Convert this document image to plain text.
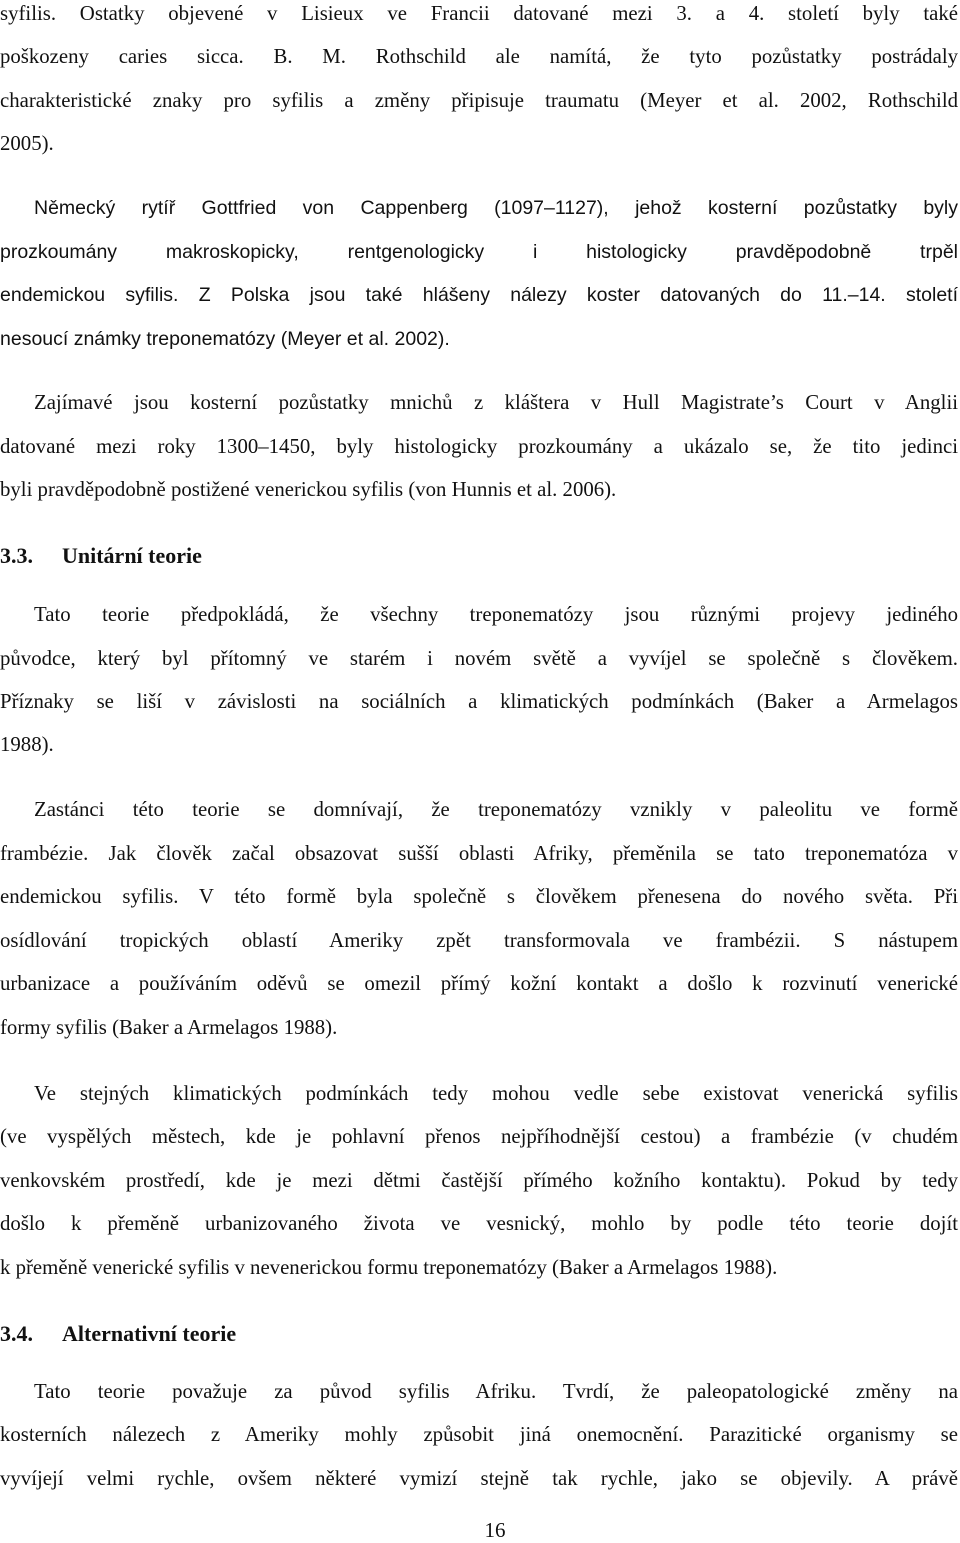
syfilis. Ostatky objevené v Lisieux ve Francii datované mezi 3. a 4. století byly také
poškozeny caries sicca. B. M. Rothschild ale namítá, že tyto pozůstatky postrádaly
charakteristické znaky pro syfilis a změny připisuje traumatu (Meyer et al. 2002, Rothschild
2005).
Německý rytíř Gottfried von Cappenberg (1097–1127), jehož kosterní pozůstatky byly
prozkoumány makroskopicky, rentgenologicky i histologicky pravděpodobně trpěl
endemickou syfilis. Z Polska jsou také hlášeny nálezy koster datovaných do 11.–14. století
nesoucí známky treponematózy (Meyer et al. 2002).
Zajímavé jsou kosterní pozůstatky mnichů z kláštera v Hull Magistrate’s Court v Anglii
datované mezi roky 1300–1450, byly histologicky prozkoumány a ukázalo se, že tito jedinci
byli pravděpodobně postižené venerickou syfilis (von Hunnis et al. 2006).
3.3. Unitární teorie
Tato teorie předpokládá, že všechny treponematózy jsou různými projevy jediného
původce, který byl přítomný ve starém i novém světě a vyvíjel se společně s člověkem.
Příznaky se liší v závislosti na sociálních a klimatických podmínkách (Baker a Armelagos
1988).
Zastánci této teorie se domnívají, že treponematózy vznikly v paleolitu ve formě
frambézie. Jak člověk začal obsazovat sušší oblasti Afriky, přeměnila se tato treponematóza v
endemickou syfilis. V této formě byla společně s člověkem přenesena do nového světa. Při
osídlování tropických oblastí Ameriky zpět transformovala ve frambézii. S nástupem
urbanizace a používáním oděvů se omezil přímý kožní kontakt a došlo k rozvinutí venerické
formy syfilis (Baker a Armelagos 1988).
Ve stejných klimatických podmínkách tedy mohou vedle sebe existovat venerická syfilis
(ve vyspělých městech, kde je pohlavní přenos nejpříhodnější cestou) a frambézie (v chudém
venkovském prostředí, kde je mezi dětmi častější přímého kožního kontaktu). Pokud by tedy
došlo k přeměně urbanizovaného života ve vesnický, mohlo by podle této teorie dojít
k přeměně venerické syfilis v nevenerickou formu treponematózy (Baker a Armelagos 1988).
3.4. Alternativní teorie
Tato teorie považuje za původ syfilis Afriku. Tvrdí, že paleopatologické změny na
kosterních nálezech z Ameriky mohly způsobit jiná onemocnění. Parazitické organismy se
vyvíjejí velmi rychle, ovšem některé vymizí stejně tak rychle, jako se objevily. A právě
16
